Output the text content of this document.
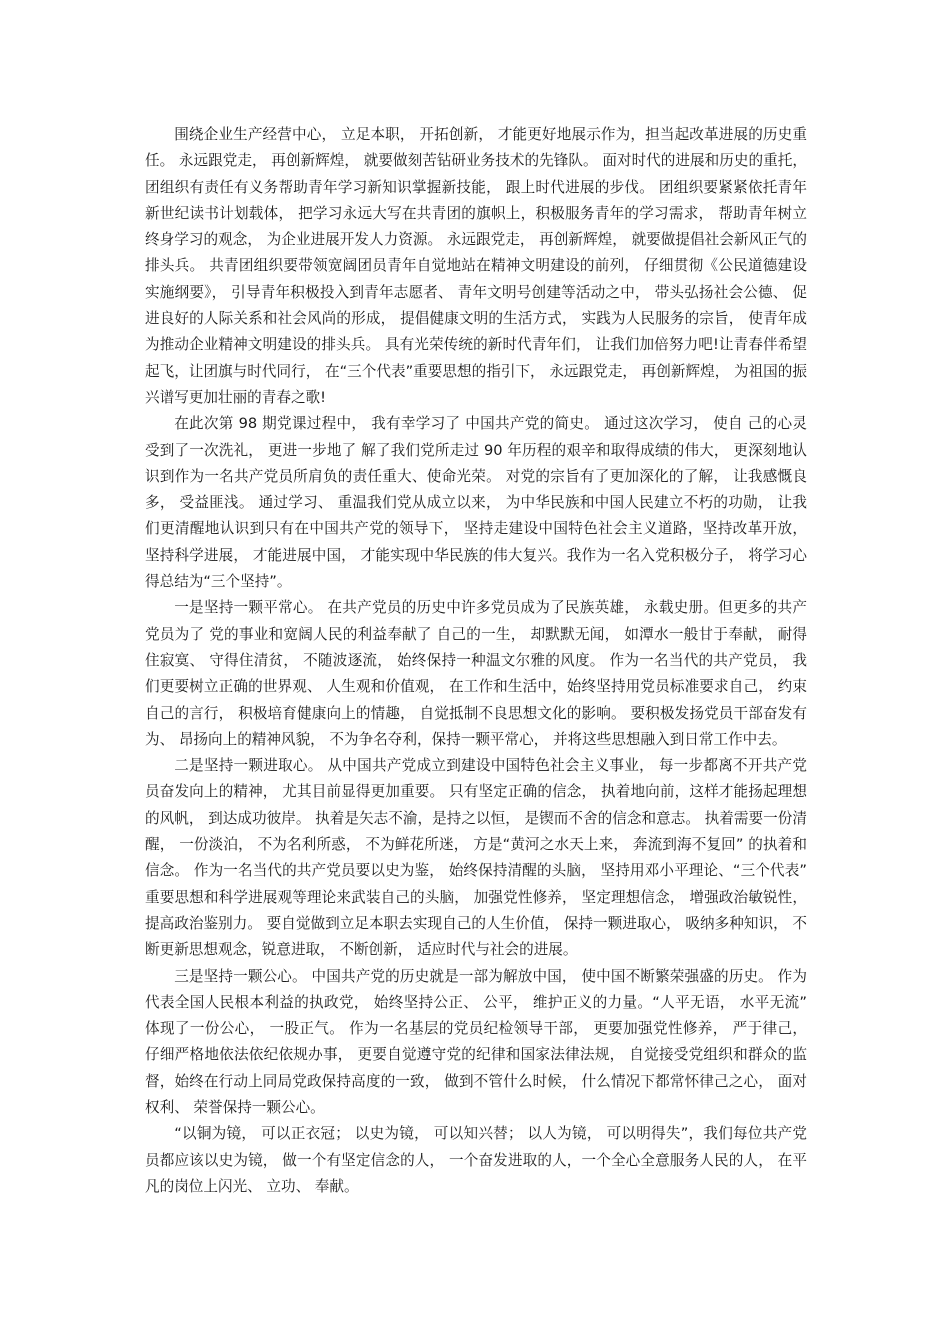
围绕企业生产经营中心， 立足本职， 开拓创新， 才能更好地展示作为，担当起改革进展的历史重任。 永远跟党走， 再创新辉煌， 就要做刻苦钻研业务技术的先锋队。 面对时代的进展和历史的重托， 团组织有责任有义务帮助青年学习新知识掌握新技能， 跟上时代进展的步伐。 团组织要紧紧依托青年新世纪读书计划载体， 把学习永远大写在共青团的旗帜上，积极服务青年的学习需求， 帮助青年树立终身学习的观念， 为企业进展开发人力资源。 永远跟党走， 再创新辉煌， 就要做提倡社会新风正气的排头兵。 共青团组织要带领宽阔团员青年自觉地站在精神文明建设的前列， 仔细贯彻《公民道德建设实施纲要》， 引导青年积极投入到青年志愿者、 青年文明号创建等活动之中， 带头弘扬社会公德、 促进良好的人际关系和社会风尚的形成， 提倡健康文明的生活方式， 实践为人民服务的宗旨， 使青年成为推动企业精神文明建设的排头兵。 具有光荣传统的新时代青年们， 让我们加倍努力吧!让青春伴希望起飞，让团旗与时代同行， 在“三个代表”重要思想的指引下， 永远跟党走， 再创新辉煌， 为祖国的振兴谱写更加壮丽的青春之歌!

在此次第 98 期党课过程中， 我有幸学习了 中国共产党的简史。 通过这次学习， 使自 己的心灵受到了一次洗礼， 更进一步地了 解了我们党所走过 90 年历程的艰辛和取得成绩的伟大， 更深刻地认识到作为一名共产党员所肩负的责任重大、使命光荣。 对党的宗旨有了更加深化的了解， 让我感慨良多， 受益匪浅。 通过学习、 重温我们党从成立以来， 为中华民族和中国人民建立不朽的功勋， 让我们更清醒地认识到只有在中国共产党的领导下， 坚持走建设中国特色社会主义道路，坚持改革开放， 坚持科学进展， 才能进展中国， 才能实现中华民族的伟大复兴。我作为一名入党积极分子， 将学习心得总结为“三个坚持”。

一是坚持一颗平常心。 在共产党员的历史中许多党员成为了民族英雄， 永载史册。但更多的共产党员为了 党的事业和宽阔人民的利益奉献了 自己的一生， 却默默无闻， 如潭水一般甘于奉献， 耐得住寂寞、 守得住清贫， 不随波逐流， 始终保持一种温文尔雅的风度。 作为一名当代的共产党员， 我们更要树立正确的世界观、 人生观和价值观， 在工作和生活中，始终坚持用党员标准要求自己， 约束自己的言行， 积极培育健康向上的情趣， 自觉抵制不良思想文化的影响。 要积极发扬党员干部奋发有为、 昂扬向上的精神风貌， 不为争名夺利，保持一颗平常心， 并将这些思想融入到日常工作中去。

二是坚持一颗进取心。 从中国共产党成立到建设中国特色社会主义事业， 每一步都离不开共产党员奋发向上的精神， 尤其目前显得更加重要。 只有坚定正确的信念， 执着地向前，这样才能扬起理想的风帆， 到达成功彼岸。 执着是矢志不渝，是持之以恒， 是锲而不舍的信念和意志。 执着需要一份清醒， 一份淡泊， 不为名利所惑， 不为鲜花所迷， 方是“黄河之水天上来， 奔流到海不复回” 的执着和信念。 作为一名当代的共产党员要以史为鉴， 始终保持清醒的头脑， 坚持用邓小平理论、“三个代表” 重要思想和科学进展观等理论来武装自己的头脑， 加强党性修养， 坚定理想信念， 增强政治敏锐性， 提高政治鉴别力。 要自觉做到立足本职去实现自己的人生价值， 保持一颗进取心， 吸纳多种知识， 不断更新思想观念，锐意进取， 不断创新， 适应时代与社会的进展。

三是坚持一颗公心。 中国共产党的历史就是一部为解放中国， 使中国不断繁荣强盛的历史。 作为代表全国人民根本利益的执政党， 始终坚持公正、 公平， 维护正义的力量。“人平无语， 水平无流” 体现了一份公心， 一股正气。 作为一名基层的党员纪检领导干部， 更要加强党性修养， 严于律己， 仔细严格地依法依纪依规办事， 更要自觉遵守党的纪律和国家法律法规， 自觉接受党组织和群众的监督，始终在行动上同局党政保持高度的一致， 做到不管什么时候， 什么情况下都常怀律己之心， 面对权利、 荣誉保持一颗公心。

“以铜为镜， 可以正衣冠； 以史为镜， 可以知兴替； 以人为镜， 可以明得失”，我们每位共产党员都应该以史为镜， 做一个有坚定信念的人， 一个奋发进取的人，一个全心全意服务人民的人， 在平凡的岗位上闪光、 立功、 奉献。
